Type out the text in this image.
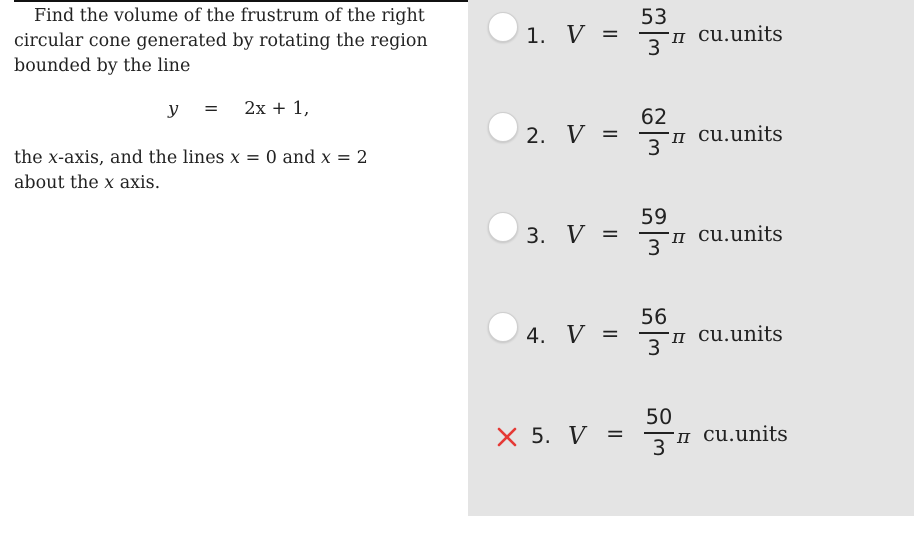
Find the volume of the frustrum of the right
circular cone generated by rotating the region
bounded by the line
y = 2x + 1,
the x-axis, and the lines x = 0 and x = 2
about the x axis.
1. V =
53
3 π cu.units
2. V =
62
3 π cu.units
3. V =
59
3 π cu.units
4. V =
56
3 π cu.units
5. V =
50
3 π cu.units
